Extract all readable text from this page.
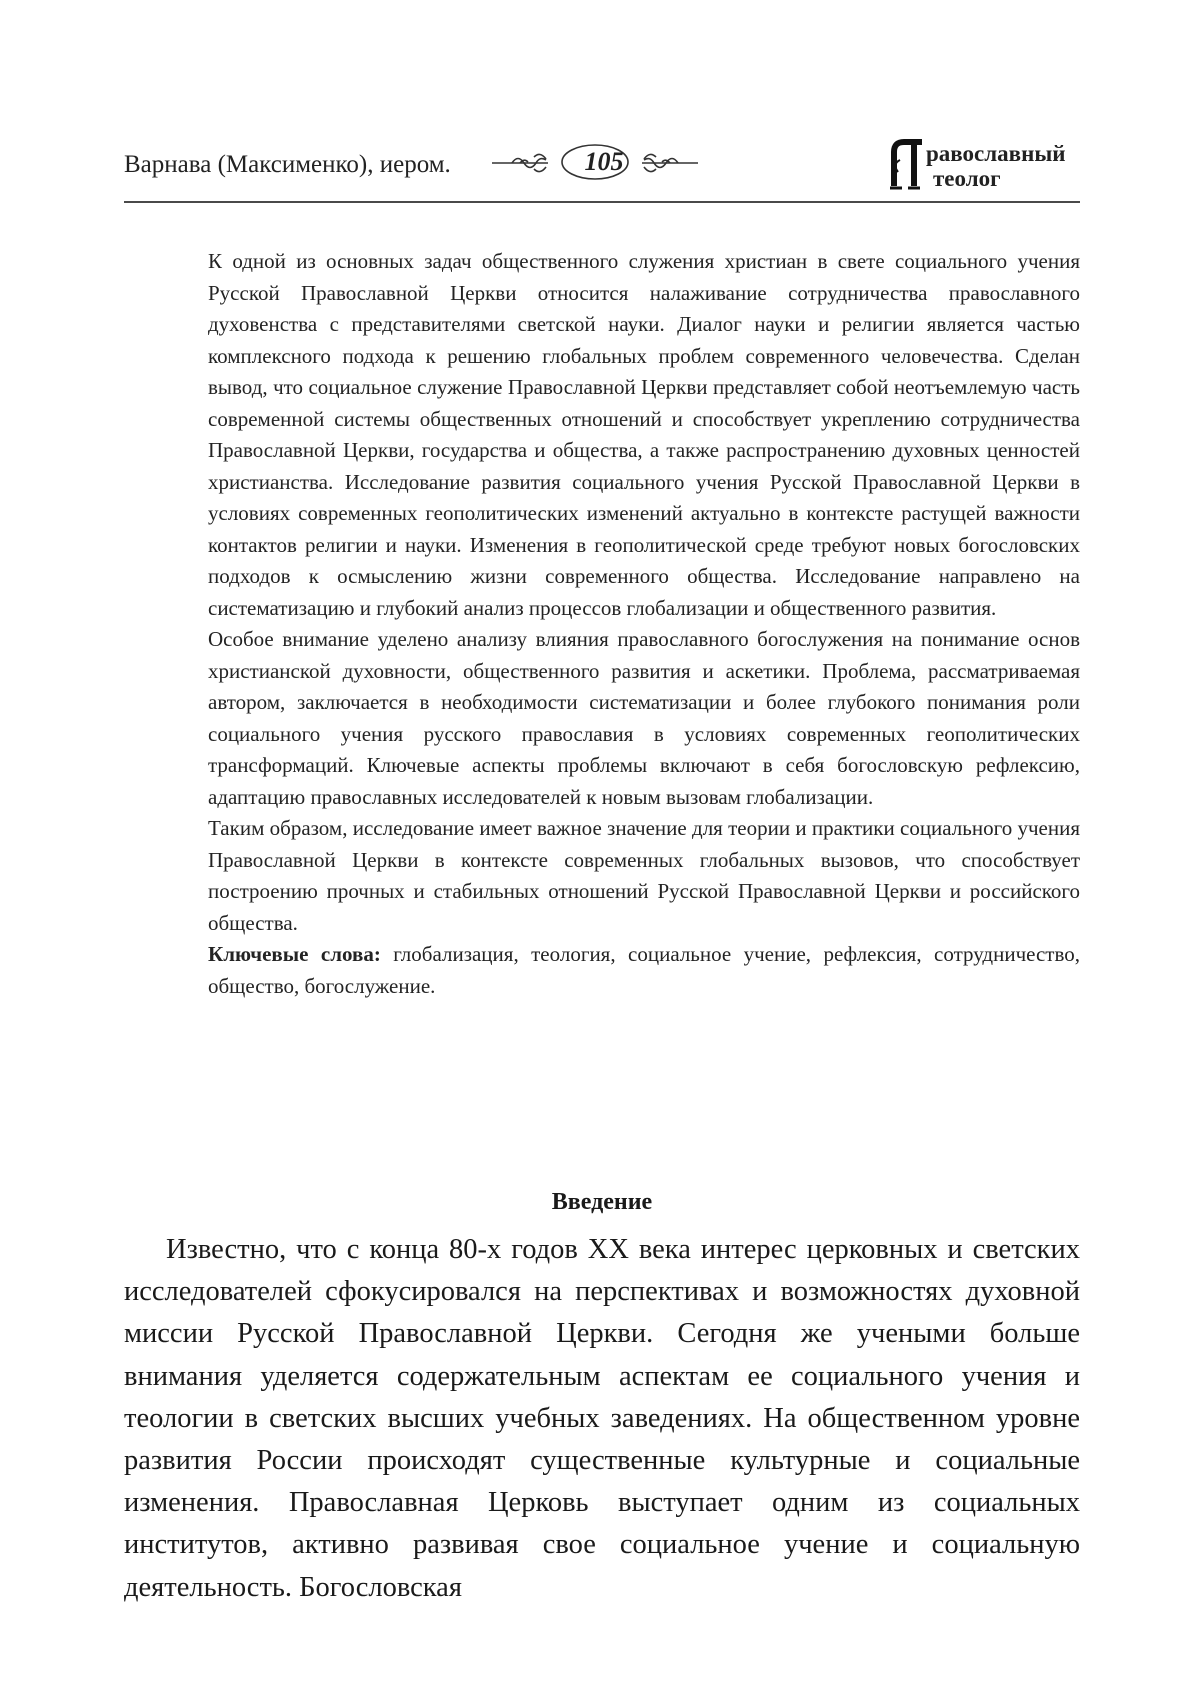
Варнава (Максименко), иером.	105	равославный
теолог

К одной из основных задач общественного служения христиан в свете социального учения Русской Православной Церкви относится налаживание сотрудничества православного духовенства с представителями светской науки. Диалог науки и религии является частью комплексного подхода к решению глобальных проблем современного человечества. Сделан вывод, что социальное служение Православной Церкви представляет собой неотъемлемую часть современной системы общественных отношений и способствует укреплению сотрудничества Православной Церкви, государства и общества, а также распространению духовных ценностей христианства. Исследование развития социального учения Русской Православной Церкви в условиях современных геополитических изменений актуально в контексте растущей важности контактов религии и науки. Изменения в геополитической среде требуют новых богословских подходов к осмыслению жизни современного общества. Исследование направлено на систематизацию и глубокий анализ процессов глобализации и общественного развития.

Особое внимание уделено анализу влияния православного богослужения на понимание основ христианской духовности, общественного развития и аскетики. Проблема, рассматриваемая автором, заключается в необходимости систематизации и более глубокого понимания роли социального учения русского православия в условиях современных геополитических трансформаций. Ключевые аспекты проблемы включают в себя богословскую рефлексию, адаптацию православных исследователей к новым вызовам глобализации.

Таким образом, исследование имеет важное значение для теории и практики социального учения Православной Церкви в контексте современных глобальных вызовов, что способствует построению прочных и стабильных отношений Русской Православной Церкви и российского общества.

Ключевые слова: глобализация, теология, социальное учение, рефлексия, сотрудничество, общество, богослужение.

Введение
Известно, что с конца 80-х годов XX века интерес церковных и светских исследователей сфокусировался на перспективах и возможностях духовной миссии Русской Православной Церкви. Сегодня же учеными больше внимания уделяется содержательным аспектам ее социального учения и теологии в светских высших учебных заведениях. На общественном уровне развития России происходят существенные культурные и социальные изменения. Православная Церковь выступает одним из социальных институтов, активно развивая свое социальное учение и социальную деятельность. Богословская
